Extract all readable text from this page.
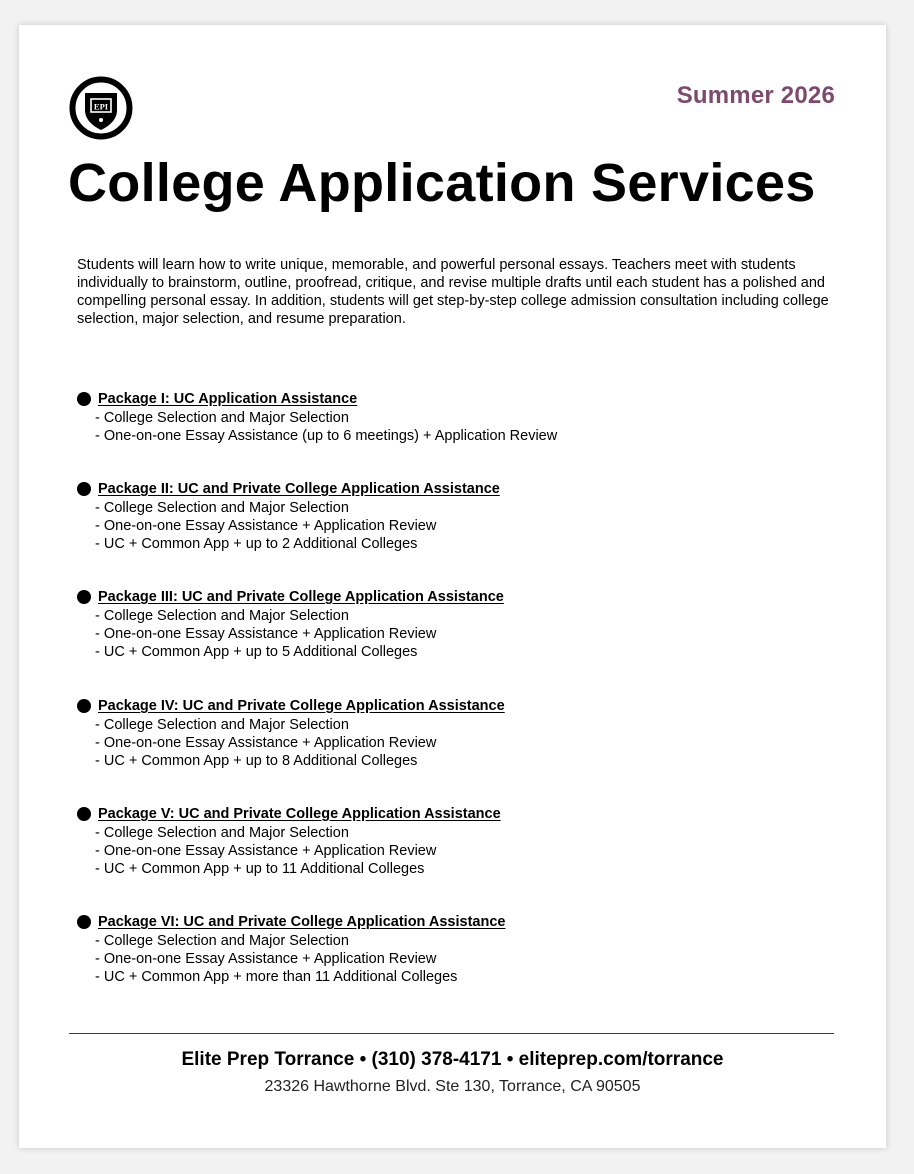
EPI	Summer 2026
College Application Services

Students will learn how to write unique, memorable, and powerful personal essays. Teachers meet with students individually to brainstorm, outline, proofread, critique, and revise multiple drafts until each student has a polished and compelling personal essay. In addition, students will get step-by-step college admission consultation including college selection, major selection, and resume preparation.

Package I: UC Application Assistance
- College Selection and Major Selection
- One-on-one Essay Assistance (up to 6 meetings) + Application Review
Package II: UC and Private College Application Assistance
- College Selection and Major Selection
- One-on-one Essay Assistance + Application Review
- UC + Common App + up to 2 Additional Colleges
Package III: UC and Private College Application Assistance
- College Selection and Major Selection
- One-on-one Essay Assistance + Application Review
- UC + Common App + up to 5 Additional Colleges
Package IV: UC and Private College Application Assistance
- College Selection and Major Selection
- One-on-one Essay Assistance + Application Review
- UC + Common App + up to 8 Additional Colleges
Package V: UC and Private College Application Assistance
- College Selection and Major Selection
- One-on-one Essay Assistance + Application Review
- UC + Common App + up to 11 Additional Colleges
Package VI: UC and Private College Application Assistance
- College Selection and Major Selection
- One-on-one Essay Assistance + Application Review
- UC + Common App + more than 11 Additional Colleges
Elite Prep Torrance • (310) 378-4171 • eliteprep.com/torrance
23326 Hawthorne Blvd. Ste 130, Torrance, CA 90505
